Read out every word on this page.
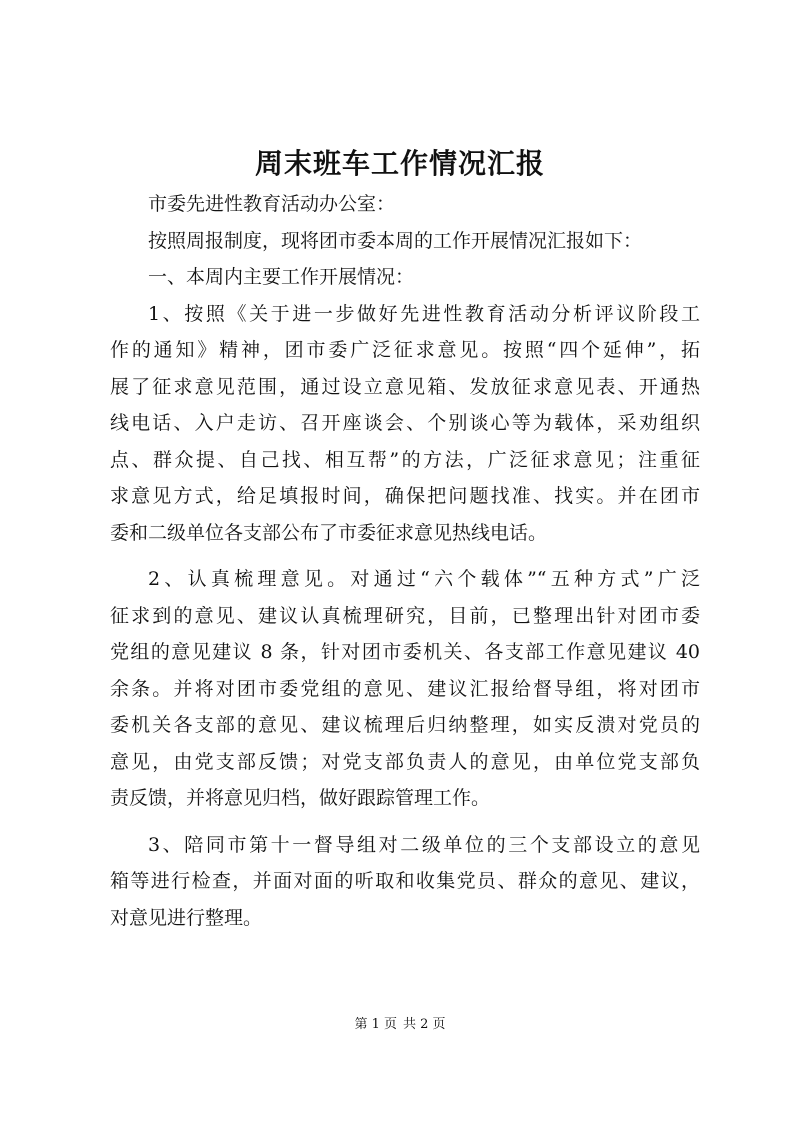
周末班车工作情况汇报
市委先进性教育活动办公室：
按照周报制度，现将团市委本周的工作开展情况汇报如下：
一、本周内主要工作开展情况：
1、按照《关于进一步做好先进性教育活动分析评议阶段工
作的通知》精神，团市委广泛征求意见。按照“四个延伸”，拓
展了征求意见范围，通过设立意见箱、发放征求意见表、开通热
线电话、入户走访、召开座谈会、个别谈心等为载体，采劝组织
点、群众提、自己找、相互帮”的方法，广泛征求意见；注重征
求意见方式，给足填报时间，确保把问题找准、找实。并在团市
委和二级单位各支部公布了市委征求意见热线电话。
2、认真梳理意见。对通过“六个载体”“五种方式”广泛
征求到的意见、建议认真梳理研究，目前，已整理出针对团市委
党组的意见建议 8 条，针对团市委机关、各支部工作意见建议 40
余条。并将对团市委党组的意见、建议汇报给督导组，将对团市
委机关各支部的意见、建议梳理后归纳整理，如实反溃对党员的
意见，由党支部反馈；对党支部负责人的意见，由单位党支部负
责反馈，并将意见归档，做好跟踪管理工作。
3、陪同市第十一督导组对二级单位的三个支部设立的意见
箱等进行检查，并面对面的听取和收集党员、群众的意见、建议，
对意见进行整理。
第 1 页 共 2 页
